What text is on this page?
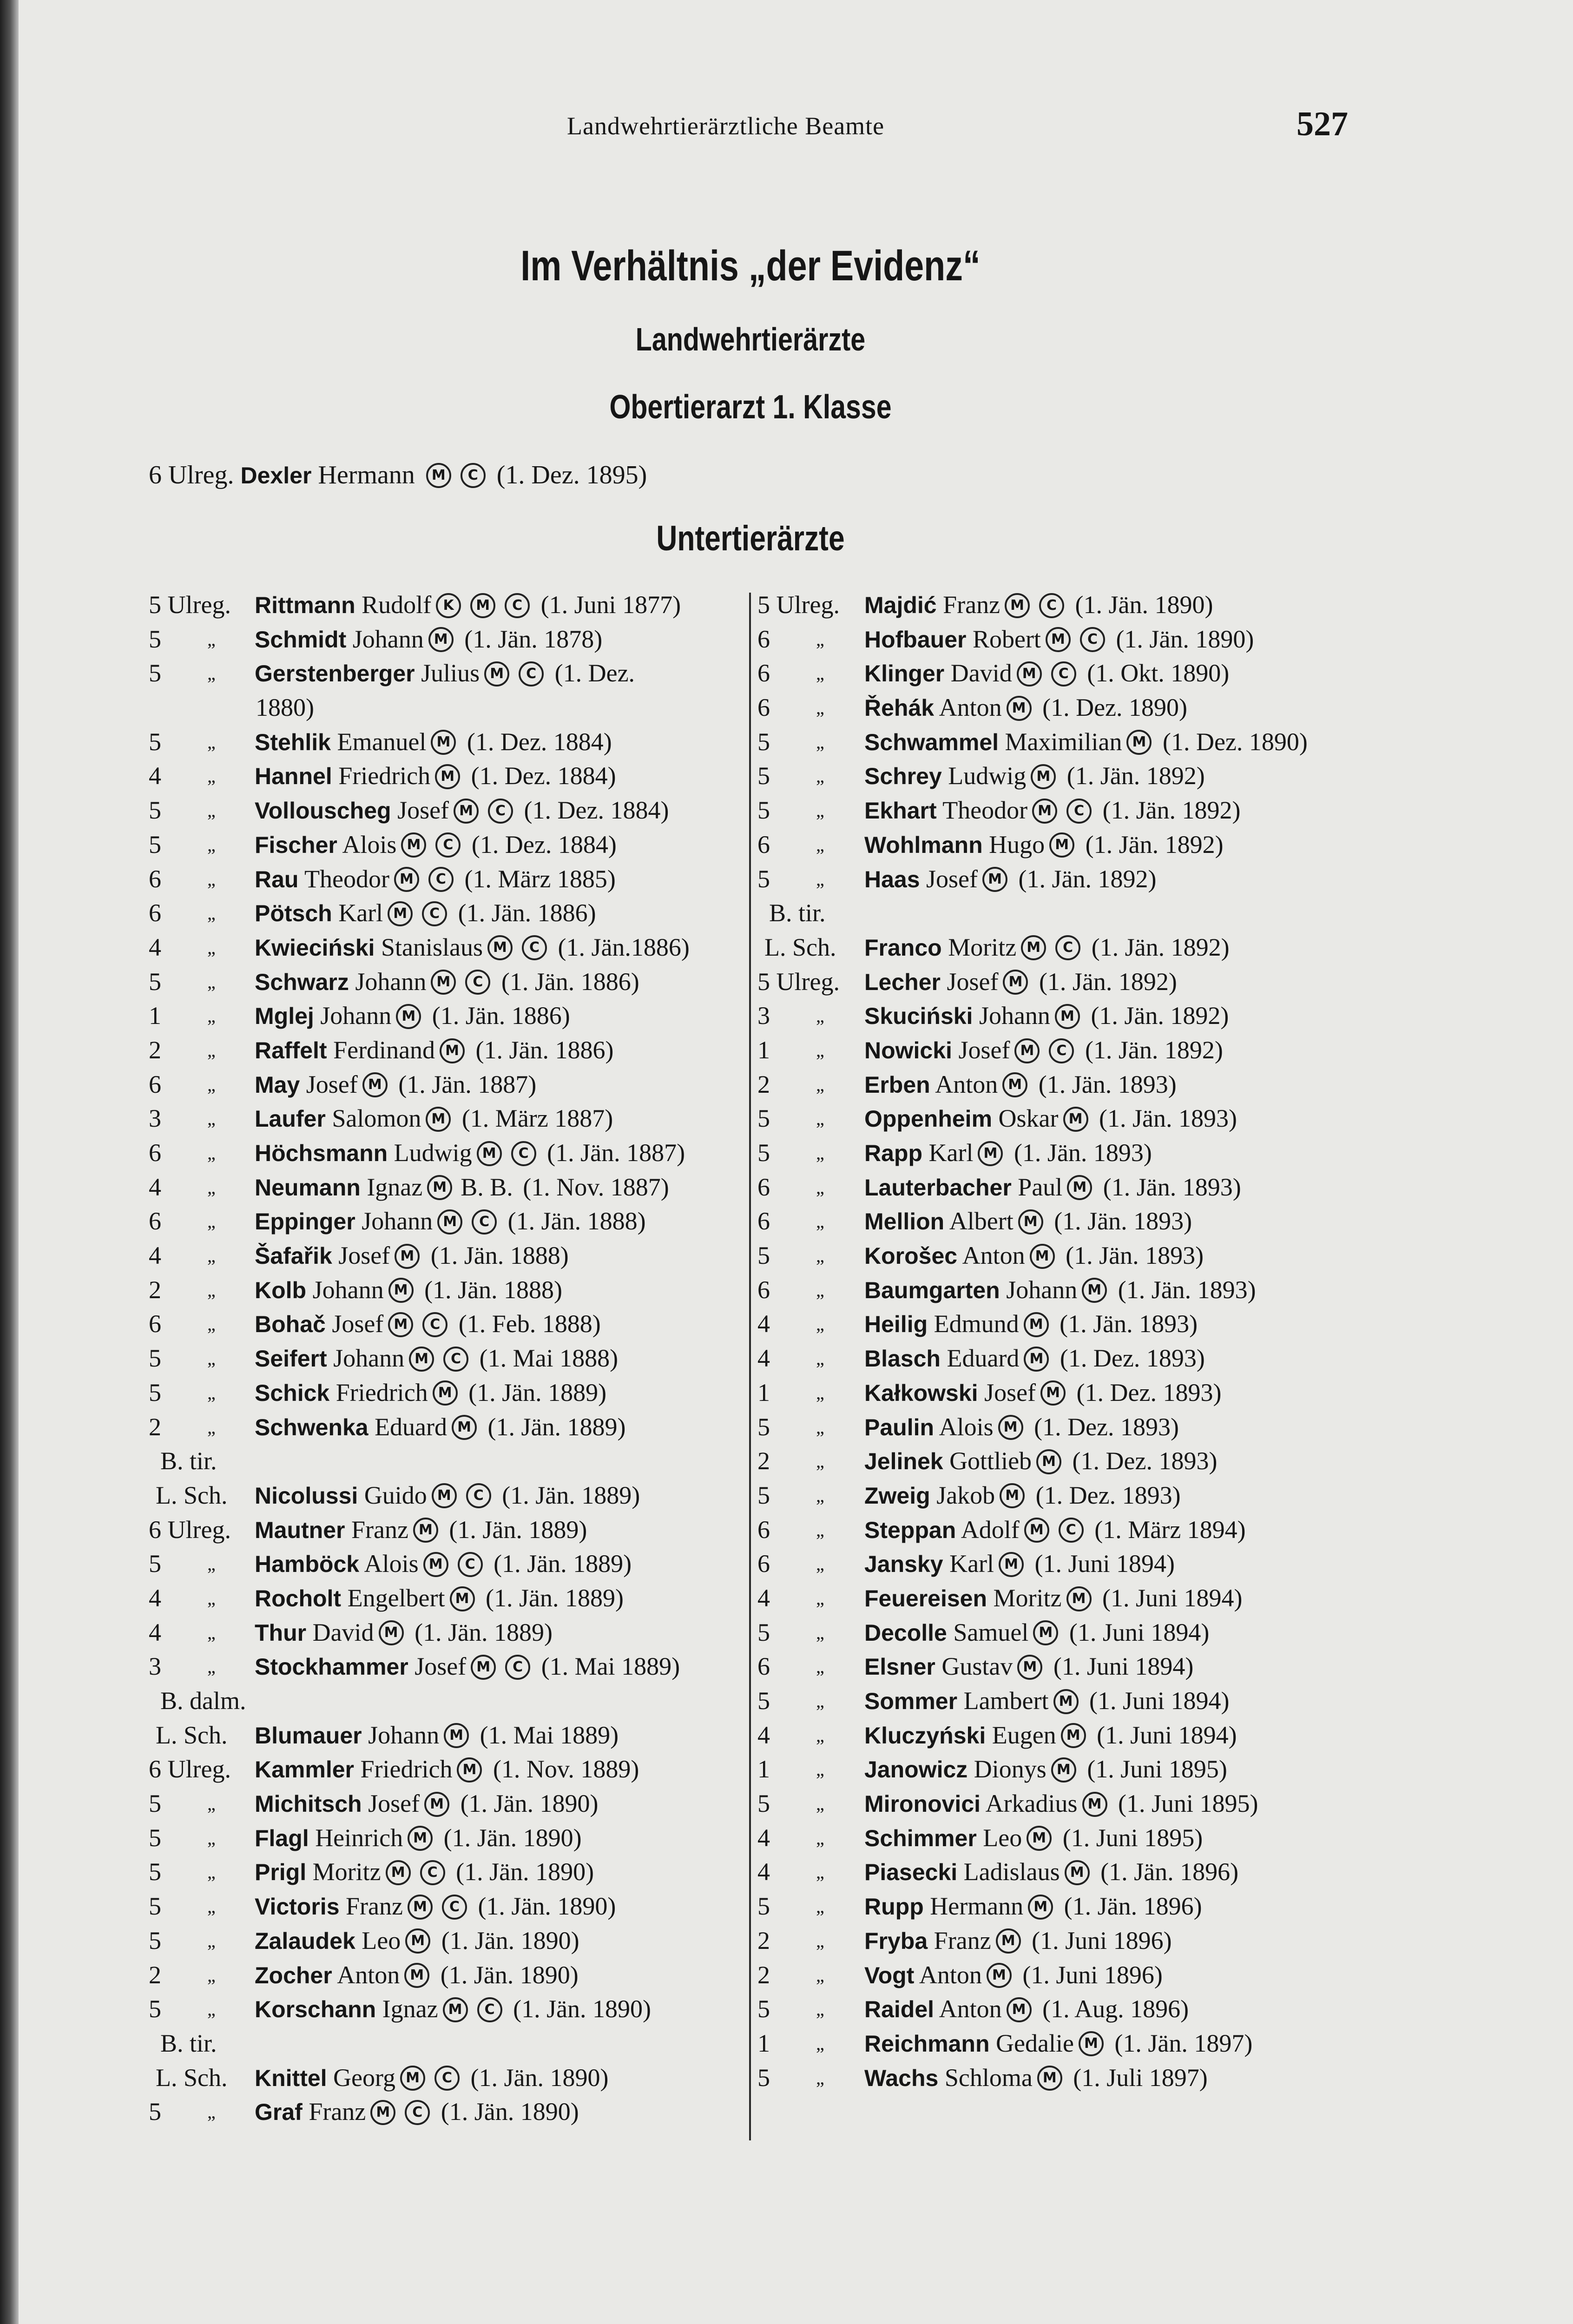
Landwehrtierärztliche Beamte	527
Im Verhältnis „der Evidenz“
Landwehrtierärzte
Obertierarzt 1. Klasse
6 Ulreg. Dexler Hermann M C (1. Dez. 1895)
Untertierärzte
5 Ulreg. Rittmann Rudolf K M C (1. Juni 1877)
5 „ Schmidt Johann M (1. Jän. 1878)
5 „ Gerstenberger Julius M C (1. Dez.
1880)
5 „ Stehlik Emanuel M (1. Dez. 1884)
4 „ Hannel Friedrich M (1. Dez. 1884)
5 „ Vollouscheg Josef M C (1. Dez. 1884)
5 „ Fischer Alois M C (1. Dez. 1884)
6 „ Rau Theodor M C (1. März 1885)
6 „ Pötsch Karl M C (1. Jän. 1886)
4 „ Kwieciński Stanislaus M C (1. Jän.1886)
5 „ Schwarz Johann M C (1. Jän. 1886)
1 „ Mglej Johann M (1. Jän. 1886)
2 „ Raffelt Ferdinand M (1. Jän. 1886)
6 „ May Josef M (1. Jän. 1887)
3 „ Laufer Salomon M (1. März 1887)
6 „ Höchsmann Ludwig M C (1. Jän. 1887)
4 „ Neumann Ignaz M B. B. (1. Nov. 1887)
6 „ Eppinger Johann M C (1. Jän. 1888)
4 „ Šafařik Josef M (1. Jän. 1888)
2 „ Kolb Johann M (1. Jän. 1888)
6 „ Bohač Josef M C (1. Feb. 1888)
5 „ Seifert Johann M C (1. Mai 1888)
5 „ Schick Friedrich M (1. Jän. 1889)
2 „ Schwenka Eduard M (1. Jän. 1889)
B. tir.
L. Sch. Nicolussi Guido M C (1. Jän. 1889)
6 Ulreg. Mautner Franz M (1. Jän. 1889)
5 „ Hamböck Alois M C (1. Jän. 1889)
4 „ Rocholt Engelbert M (1. Jän. 1889)
4 „ Thur David M (1. Jän. 1889)
3 „ Stockhammer Josef M C (1. Mai 1889)
B. dalm.
L. Sch. Blumauer Johann M (1. Mai 1889)
6 Ulreg. Kammler Friedrich M (1. Nov. 1889)
5 „ Michitsch Josef M (1. Jän. 1890)
5 „ Flagl Heinrich M (1. Jän. 1890)
5 „ Prigl Moritz M C (1. Jän. 1890)
5 „ Victoris Franz M C (1. Jän. 1890)
5 „ Zalaudek Leo M (1. Jän. 1890)
2 „ Zocher Anton M (1. Jän. 1890)
5 „ Korschann Ignaz M C (1. Jän. 1890)
B. tir.
L. Sch. Knittel Georg M C (1. Jän. 1890)
5 „ Graf Franz M C (1. Jän. 1890)
5 Ulreg. Majdić Franz M C (1. Jän. 1890)
6 „ Hofbauer Robert M C (1. Jän. 1890)
6 „ Klinger David M C (1. Okt. 1890)
6 „ Řehák Anton M (1. Dez. 1890)
5 „ Schwammel Maximilian M (1. Dez. 1890)
5 „ Schrey Ludwig M (1. Jän. 1892)
5 „ Ekhart Theodor M C (1. Jän. 1892)
6 „ Wohlmann Hugo M (1. Jän. 1892)
5 „ Haas Josef M (1. Jän. 1892)
B. tir.
L. Sch. Franco Moritz M C (1. Jän. 1892)
5 Ulreg. Lecher Josef M (1. Jän. 1892)
3 „ Skuciński Johann M (1. Jän. 1892)
1 „ Nowicki Josef M C (1. Jän. 1892)
2 „ Erben Anton M (1. Jän. 1893)
5 „ Oppenheim Oskar M (1. Jän. 1893)
5 „ Rapp Karl M (1. Jän. 1893)
6 „ Lauterbacher Paul M (1. Jän. 1893)
6 „ Mellion Albert M (1. Jän. 1893)
5 „ Korošec Anton M (1. Jän. 1893)
6 „ Baumgarten Johann M (1. Jän. 1893)
4 „ Heilig Edmund M (1. Jän. 1893)
4 „ Blasch Eduard M (1. Dez. 1893)
1 „ Kałkowski Josef M (1. Dez. 1893)
5 „ Paulin Alois M (1. Dez. 1893)
2 „ Jelinek Gottlieb M (1. Dez. 1893)
5 „ Zweig Jakob M (1. Dez. 1893)
6 „ Steppan Adolf M C (1. März 1894)
6 „ Jansky Karl M (1. Juni 1894)
4 „ Feuereisen Moritz M (1. Juni 1894)
5 „ Decolle Samuel M (1. Juni 1894)
6 „ Elsner Gustav M (1. Juni 1894)
5 „ Sommer Lambert M (1. Juni 1894)
4 „ Kluczyński Eugen M (1. Juni 1894)
1 „ Janowicz Dionys M (1. Juni 1895)
5 „ Mironovici Arkadius M (1. Juni 1895)
4 „ Schimmer Leo M (1. Juni 1895)
4 „ Piasecki Ladislaus M (1. Jän. 1896)
5 „ Rupp Hermann M (1. Jän. 1896)
2 „ Fryba Franz M (1. Juni 1896)
2 „ Vogt Anton M (1. Juni 1896)
5 „ Raidel Anton M (1. Aug. 1896)
1 „ Reichmann Gedalie M (1. Jän. 1897)
5 „ Wachs Schloma M (1. Juli 1897)
